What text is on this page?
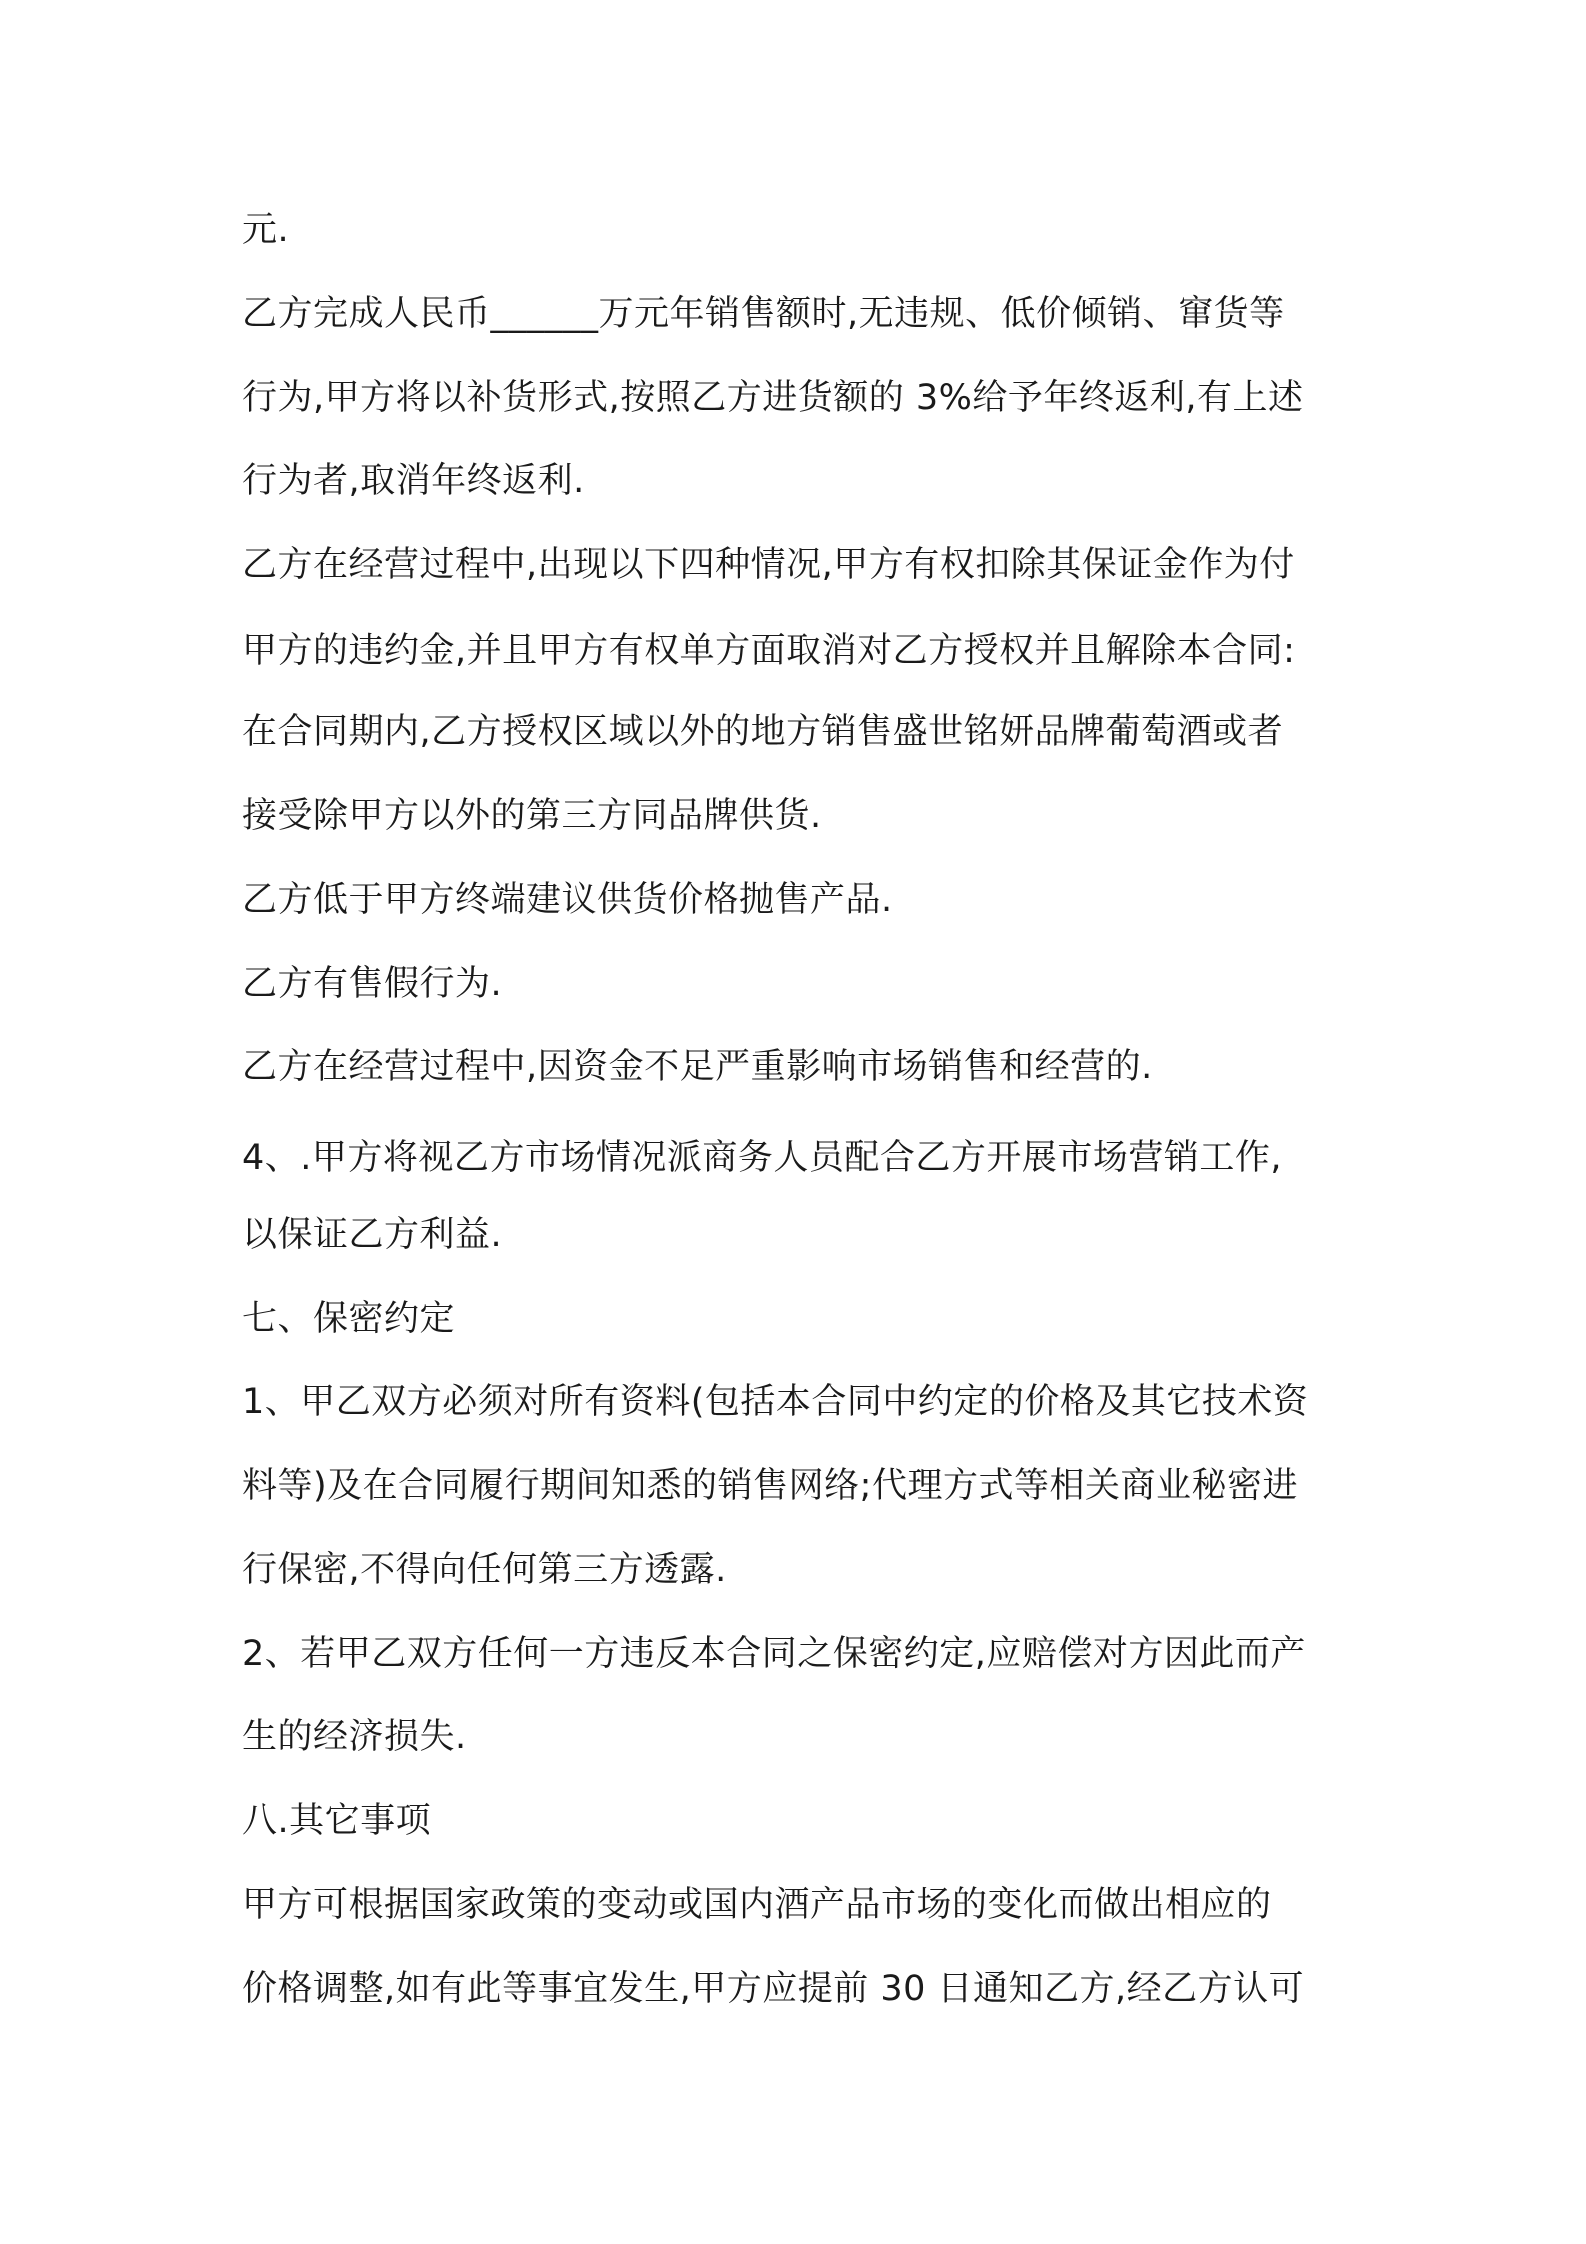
元.
乙方完成人民币______万元年销售额时,无违规、低价倾销、窜货等
行为,甲方将以补货形式,按照乙方进货额的 3%给予年终返利,有上述
行为者,取消年终返利.
乙方在经营过程中,出现以下四种情况,甲方有权扣除其保证金作为付
甲方的违约金,并且甲方有权单方面取消对乙方授权并且解除本合同:
在合同期内,乙方授权区域以外的地方销售盛世铭妍品牌葡萄酒或者
接受除甲方以外的第三方同品牌供货.
乙方低于甲方终端建议供货价格抛售产品.
乙方有售假行为.
乙方在经营过程中,因资金不足严重影响市场销售和经营的.
4、.甲方将视乙方市场情况派商务人员配合乙方开展市场营销工作,
以保证乙方利益.
七、保密约定
1、甲乙双方必须对所有资料(包括本合同中约定的价格及其它技术资
料等)及在合同履行期间知悉的销售网络;代理方式等相关商业秘密进
行保密,不得向任何第三方透露.
2、若甲乙双方任何一方违反本合同之保密约定,应赔偿对方因此而产
生的经济损失.
八.其它事项
甲方可根据国家政策的变动或国内酒产品市场的变化而做出相应的
价格调整,如有此等事宜发生,甲方应提前 30 日通知乙方,经乙方认可
